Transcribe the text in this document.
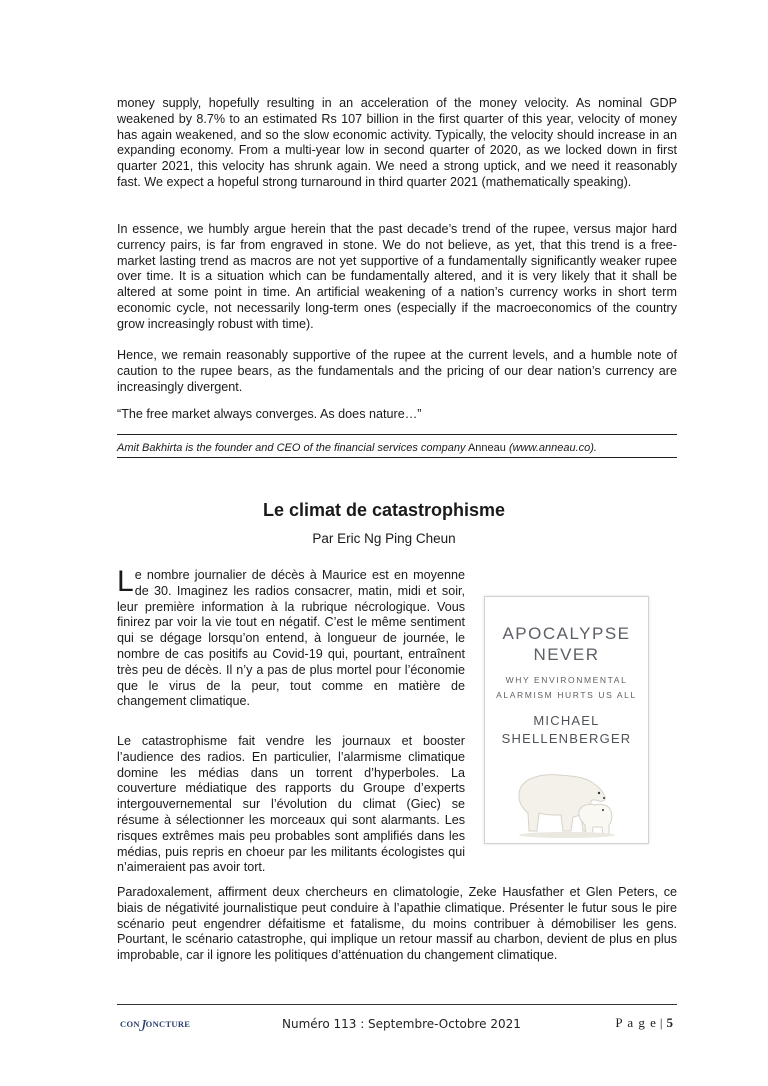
money supply, hopefully resulting in an acceleration of the money velocity. As nominal GDP weakened by 8.7% to an estimated Rs 107 billion in the first quarter of this year, velocity of money has again weakened, and so the slow economic activity. Typically, the velocity should increase in an expanding economy. From a multi-year low in second quarter of 2020, as we locked down in first quarter 2021, this velocity has shrunk again. We need a strong uptick, and we need it reasonably fast. We expect a hopeful strong turnaround in third quarter 2021 (mathematically speaking).

In essence, we humbly argue herein that the past decade’s trend of the rupee, versus major hard currency pairs, is far from engraved in stone. We do not believe, as yet, that this trend is a free-market lasting trend as macros are not yet supportive of a fundamentally significantly weaker rupee over time. It is a situation which can be fundamentally altered, and it is very likely that it shall be altered at some point in time. An artificial weakening of a nation’s currency works in short term economic cycle, not necessarily long-term ones (especially if the macroeconomics of the country grow increasingly robust with time).

Hence, we remain reasonably supportive of the rupee at the current levels, and a humble note of caution to the rupee bears, as the fundamentals and the pricing of our dear nation’s currency are increasingly divergent.

“The free market always converges. As does nature…”

Amit Bakhirta is the founder and CEO of the financial services company Anneau (www.anneau.co).

Le climat de catastrophisme

Par Eric Ng Ping Cheun

Le nombre journalier de décès à Maurice est en moyenne de 30. Imaginez les radios consacrer, matin, midi et soir, leur première information à la rubrique nécrologique. Vous finirez par voir la vie tout en négatif. C’est le même sentiment qui se dégage lorsqu’on entend, à longueur de journée, le nombre de cas positifs au Covid-19 qui, pourtant, entraînent très peu de décès. Il n’y a pas de plus mortel pour l’économie que le virus de la peur, tout comme en matière de changement climatique.

Le catastrophisme fait vendre les journaux et booster l’audience des radios. En particulier, l’alarmisme climatique domine les médias dans un torrent d’hyperboles. La couverture médiatique des rapports du Groupe d’experts intergouvernemental sur l’évolution du climat (Giec) se résume à sélectionner les morceaux qui sont alarmants. Les risques extrêmes mais peu probables sont amplifiés dans les médias, puis repris en choeur par les militants écologistes qui n’aimeraient pas avoir tort.

Paradoxalement, affirment deux chercheurs en climatologie, Zeke Hausfather et Glen Peters, ce biais de négativité journalistique peut conduire à l’apathie climatique. Présenter le futur sous le pire scénario peut engendrer défaitisme et fatalisme, du moins contribuer à démobiliser les gens. Pourtant, le scénario catastrophe, qui implique un retour massif au charbon, devient de plus en plus improbable, car il ignore les politiques d’atténuation du changement climatique.

APOCALYPSE
NEVER
WHY ENVIRONMENTAL
ALARMISM HURTS US ALL
MICHAEL
SHELLENBERGER
CONJONCTURE	Numéro 113 : Septembre-Octobre 2021	P a g e | 5
